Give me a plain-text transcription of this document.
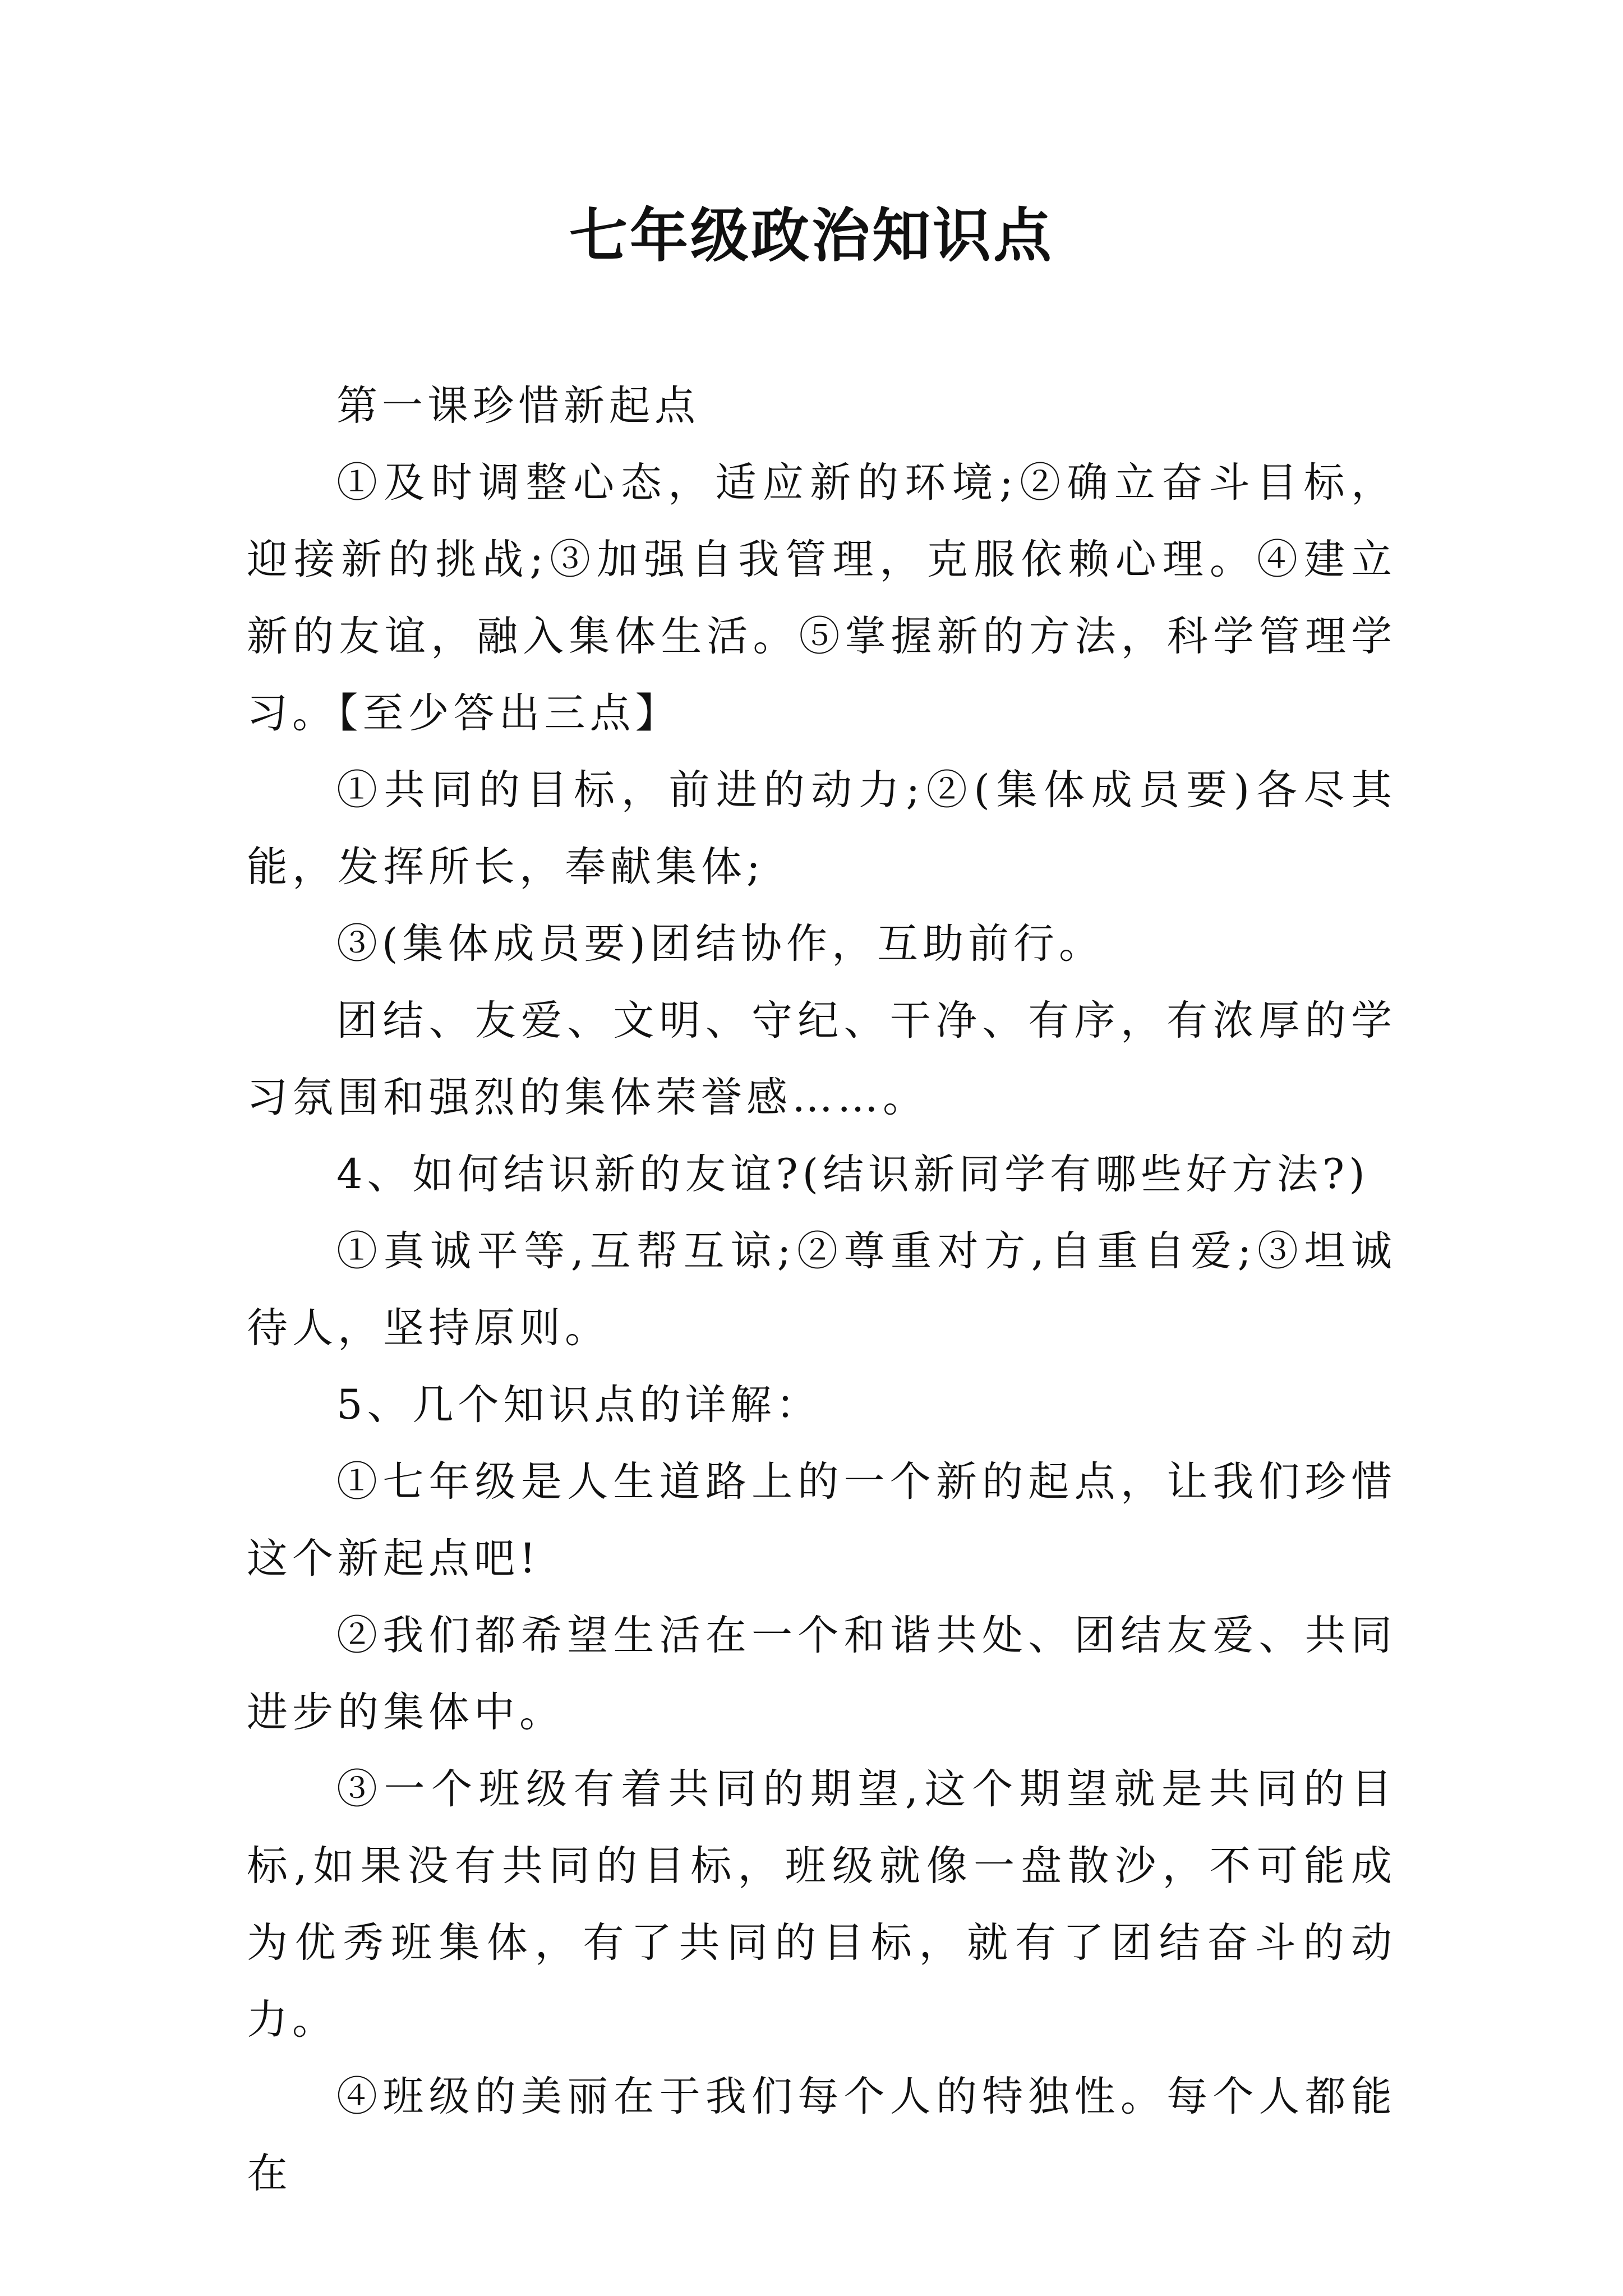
七年级政治知识点

第一课珍惜新起点

①及时调整心态，适应新的环境;②确立奋斗目标，迎接新的挑战;③加强自我管理，克服依赖心理。④建立新的友谊，融入集体生活。⑤掌握新的方法，科学管理学习。【至少答出三点】

①共同的目标，前进的动力;②(集体成员要)各尽其能，发挥所长，奉献集体;

③(集体成员要)团结协作，互助前行。

团结、友爱、文明、守纪、干净、有序，有浓厚的学习氛围和强烈的集体荣誉感……。

4、如何结识新的友谊?(结识新同学有哪些好方法?)

①真诚平等,互帮互谅;②尊重对方,自重自爱;③坦诚待人，坚持原则。

5、几个知识点的详解：

①七年级是人生道路上的一个新的起点，让我们珍惜这个新起点吧!

②我们都希望生活在一个和谐共处、团结友爱、共同进步的集体中。

③一个班级有着共同的期望,这个期望就是共同的目标,如果没有共同的目标，班级就像一盘散沙，不可能成为优秀班集体，有了共同的目标，就有了团结奋斗的动力。

④班级的美丽在于我们每个人的特独性。每个人都能在
